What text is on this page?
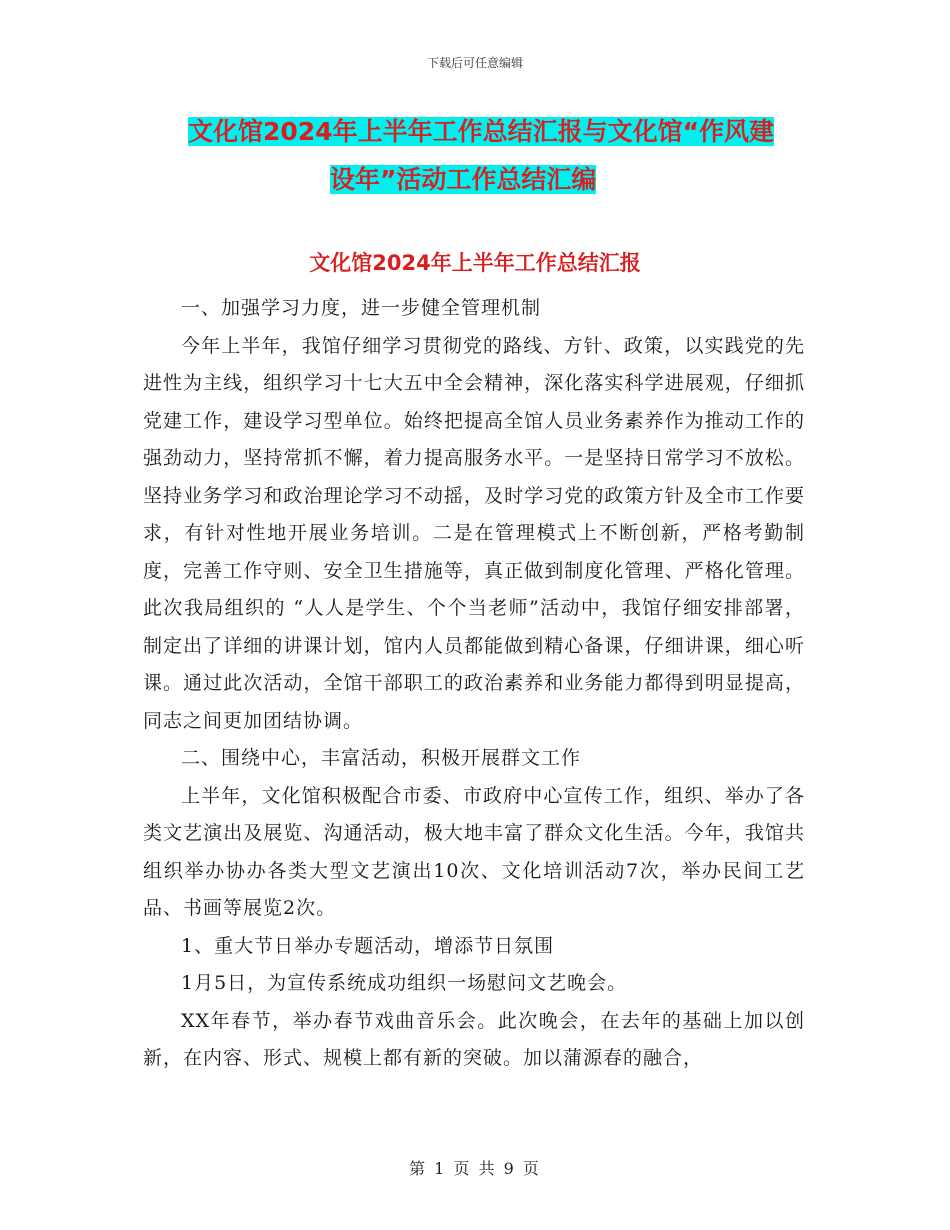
下载后可任意编辑
文化馆2024年上半年工作总结汇报与文化馆“作风建
设年”活动工作总结汇编
文化馆2024年上半年工作总结汇报

一、加强学习力度，进一步健全管理机制

今年上半年，我馆仔细学习贯彻党的路线、方针、政策，以实践党的先进性为主线，组织学习十七大五中全会精神，深化落实科学进展观，仔细抓党建工作，建设学习型单位。始终把提高全馆人员业务素养作为推动工作的强劲动力，坚持常抓不懈，着力提高服务水平。一是坚持日常学习不放松。坚持业务学习和政治理论学习不动摇，及时学习党的政策方针及全市工作要求，有针对性地开展业务培训。二是在管理模式上不断创新，严格考勤制度，完善工作守则、安全卫生措施等，真正做到制度化管理、严格化管理。此次我局组织的 “人人是学生、个个当老师”活动中，我馆仔细安排部署，制定出了详细的讲课计划，馆内人员都能做到精心备课，仔细讲课，细心听课。通过此次活动，全馆干部职工的政治素养和业务能力都得到明显提高，同志之间更加团结协调。

二、围绕中心，丰富活动，积极开展群文工作

上半年，文化馆积极配合市委、市政府中心宣传工作，组织、举办了各类文艺演出及展览、沟通活动，极大地丰富了群众文化生活。今年，我馆共组织举办协办各类大型文艺演出10次、文化培训活动7次，举办民间工艺品、书画等展览2次。

1、重大节日举办专题活动，增添节日氛围

1月5日，为宣传系统成功组织一场慰问文艺晚会。

XX年春节，举办春节戏曲音乐会。此次晚会，在去年的基础上加以创新，在内容、形式、规模上都有新的突破。加以蒲源春的融合，

第 1 页 共 9 页
